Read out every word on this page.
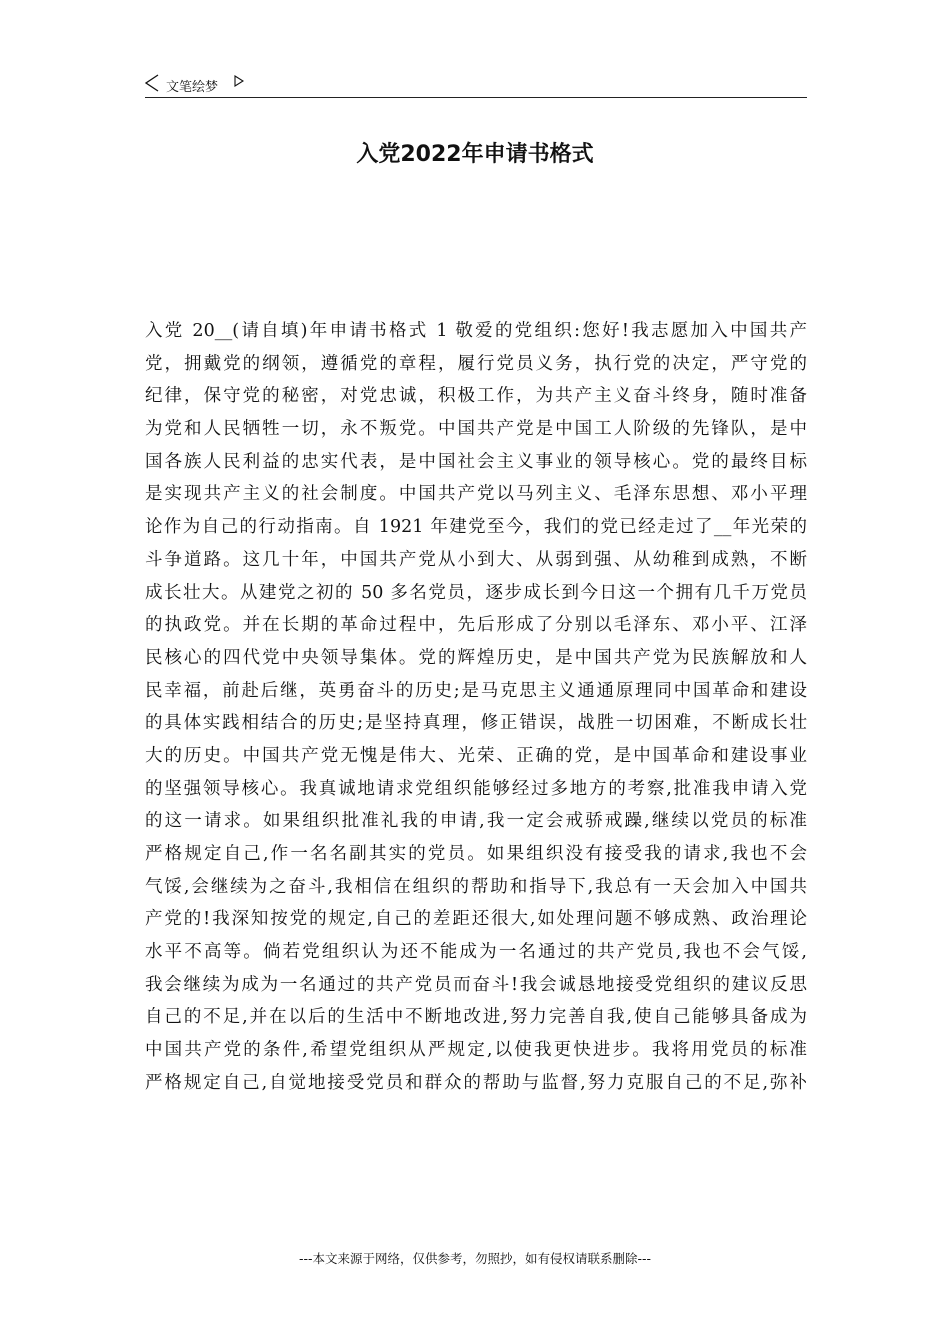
文笔绘梦
入党2022年申请书格式
入党 20__(请自填)年申请书格式 1 敬爱的党组织:您好!我志愿加入中国共产
党，拥戴党的纲领，遵循党的章程，履行党员义务，执行党的决定，严守党的
纪律，保守党的秘密，对党忠诚，积极工作，为共产主义奋斗终身，随时准备
为党和人民牺牲一切，永不叛党。中国共产党是中国工人阶级的先锋队，是中
国各族人民利益的忠实代表，是中国社会主义事业的领导核心。党的最终目标
是实现共产主义的社会制度。中国共产党以马列主义、毛泽东思想、邓小平理
论作为自己的行动指南。自 1921 年建党至今，我们的党已经走过了__年光荣的
斗争道路。这几十年，中国共产党从小到大、从弱到强、从幼稚到成熟，不断
成长壮大。从建党之初的 50 多名党员，逐步成长到今日这一个拥有几千万党员
的执政党。并在长期的革命过程中，先后形成了分别以毛泽东、邓小平、江泽
民核心的四代党中央领导集体。党的辉煌历史，是中国共产党为民族解放和人
民幸福，前赴后继，英勇奋斗的历史;是马克思主义通通原理同中国革命和建设
的具体实践相结合的历史;是坚持真理，修正错误，战胜一切困难，不断成长壮
大的历史。中国共产党无愧是伟大、光荣、正确的党，是中国革命和建设事业
的坚强领导核心。我真诚地请求党组织能够经过多地方的考察,批准我申请入党
的这一请求。如果组织批准礼我的申请,我一定会戒骄戒躁,继续以党员的标准
严格规定自己,作一名名副其实的党员。如果组织没有接受我的请求,我也不会
气馁,会继续为之奋斗,我相信在组织的帮助和指导下,我总有一天会加入中国共
产党的!我深知按党的规定,自己的差距还很大,如处理问题不够成熟、政治理论
水平不高等。倘若党组织认为还不能成为一名通过的共产党员,我也不会气馁,
我会继续为成为一名通过的共产党员而奋斗!我会诚恳地接受党组织的建议反思
自己的不足,并在以后的生活中不断地改进,努力完善自我,使自己能够具备成为
中国共产党的条件,希望党组织从严规定,以使我更快进步。我将用党员的标准
严格规定自己,自觉地接受党员和群众的帮助与监督,努力克服自己的不足,弥补
---本文来源于网络，仅供参考，勿照抄，如有侵权请联系删除---
